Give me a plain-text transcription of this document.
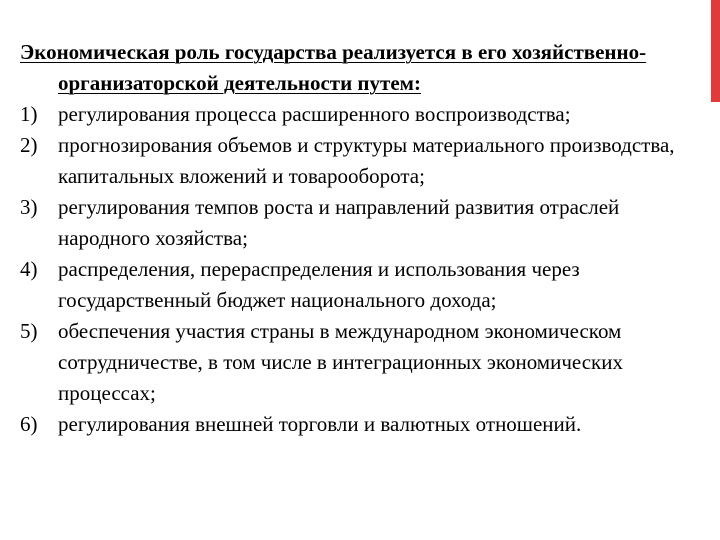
Экономическая роль государства реализуется в его хозяйственно-организаторской деятельности путем:

1) регулирования процесса расширенного воспроизводства;
2) прогнозирования объемов и структуры материального производства, капитальных вложений и товарооборота;
3) регулирования темпов роста и направлений развития отраслей народного хозяйства;
4) распределения, перераспределения и использования через государственный бюджет национального дохода;
5) обеспечения участия страны в международном экономическом сотрудничестве, в том числе в интеграционных экономических процессах;
6) регулирования внешней торговли и валютных отношений.
